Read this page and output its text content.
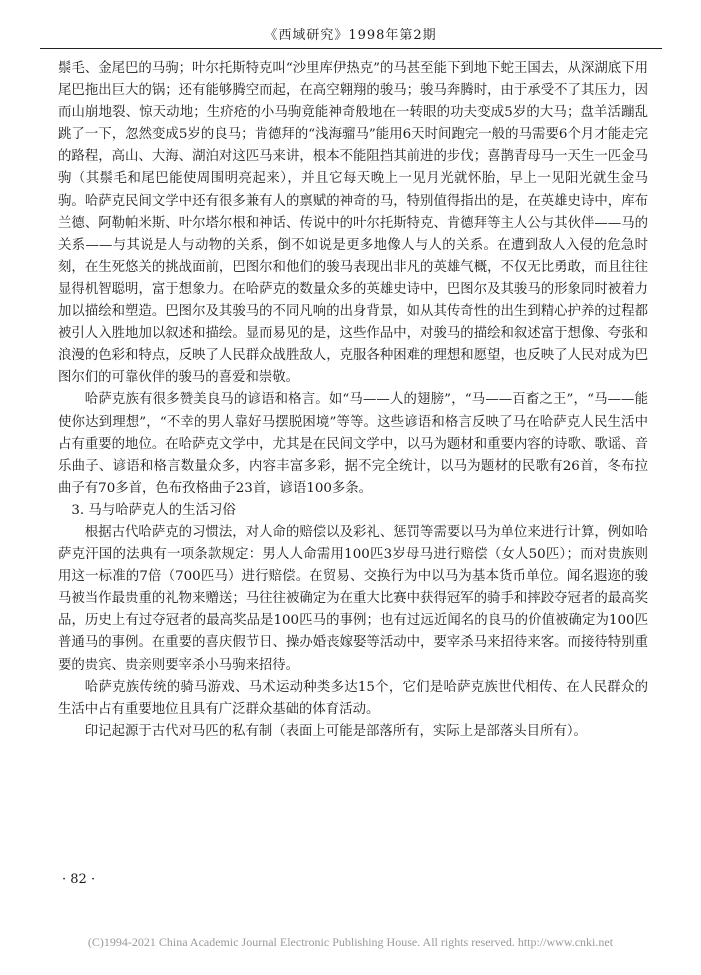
《西域研究》1998年第2期

鬃毛、金尾巴的马驹；叶尔托斯特克叫“沙里库伊热克”的马甚至能下到地下蛇王国去，从深湖底下用尾巴拖出巨大的锅；还有能够腾空而起，在高空翱翔的骏马；骏马奔腾时，由于承受不了其压力，因而山崩地裂、惊天动地；生疥疮的小马驹竟能神奇般地在一转眼的功夫变成5岁的大马；盘羊活蹦乱跳了一下，忽然变成5岁的良马；肯德拜的“浅海骝马”能用6天时间跑完一般的马需要6个月才能走完的路程，高山、大海、湖泊对这匹马来讲，根本不能阻挡其前进的步伐；喜鹊青母马一天生一匹金马驹（其鬃毛和尾巴能使周围明亮起来），并且它每天晚上一见月光就怀胎，早上一见阳光就生金马驹。哈萨克民间文学中还有很多兼有人的禀赋的神奇的马，特别值得指出的是，在英雄史诗中，库布兰德、阿勒帕米斯、叶尔塔尔根和神话、传说中的叶尔托斯特克、肯德拜等主人公与其伙伴——马的关系——与其说是人与动物的关系，倒不如说是更多地像人与人的关系。在遭到敌人入侵的危急时刻，在生死悠关的挑战面前，巴图尔和他们的骏马表现出非凡的英雄气概，不仅无比勇敢，而且往往显得机智聪明，富于想象力。在哈萨克的数量众多的英雄史诗中，巴图尔及其骏马的形象同时被着力加以描绘和塑造。巴图尔及其骏马的不同凡响的出身背景，如从其传奇性的出生到精心护养的过程都被引人入胜地加以叙述和描绘。显而易见的是，这些作品中，对骏马的描绘和叙述富于想像、夸张和浪漫的色彩和特点，反映了人民群众战胜敌人，克服各种困难的理想和愿望，也反映了人民对成为巴图尔们的可靠伙伴的骏马的喜爱和崇敬。

哈萨克族有很多赞美良马的谚语和格言。如“马——人的翅膀”，“马——百畜之王”，“马——能使你达到理想”，“不幸的男人靠好马摆脱困境”等等。这些谚语和格言反映了马在哈萨克人民生活中占有重要的地位。在哈萨克文学中，尤其是在民间文学中，以马为题材和重要内容的诗歌、歌谣、音乐曲子、谚语和格言数量众多，内容丰富多彩，据不完全统计，以马为题材的民歌有26首，冬布拉曲子有70多首，色布孜格曲子23首，谚语100多条。

3. 马与哈萨克人的生活习俗

根据古代哈萨克的习惯法，对人命的赔偿以及彩礼、惩罚等需要以马为单位来进行计算，例如哈萨克汗国的法典有一项条款规定：男人人命需用100匹3岁母马进行赔偿（女人50匹）；而对贵族则用这一标准的7倍（700匹马）进行赔偿。在贸易、交换行为中以马为基本货币单位。闻名遐迩的骏马被当作最贵重的礼物来赠送；马往往被确定为在重大比赛中获得冠军的骑手和摔跤夺冠者的最高奖品，历史上有过夺冠者的最高奖品是100匹马的事例；也有过远近闻名的良马的价值被确定为100匹普通马的事例。在重要的喜庆假节日、操办婚丧嫁娶等活动中，要宰杀马来招待来客。而接待特别重要的贵宾、贵亲则要宰杀小马驹来招待。

哈萨克族传统的骑马游戏、马术运动种类多达15个，它们是哈萨克族世代相传、在人民群众的生活中占有重要地位且具有广泛群众基础的体育活动。

印记起源于古代对马匹的私有制（表面上可能是部落所有，实际上是部落头目所有）。

· 82 ·
(C)1994-2021 China Academic Journal Electronic Publishing House. All rights reserved. http://www.cnki.net
